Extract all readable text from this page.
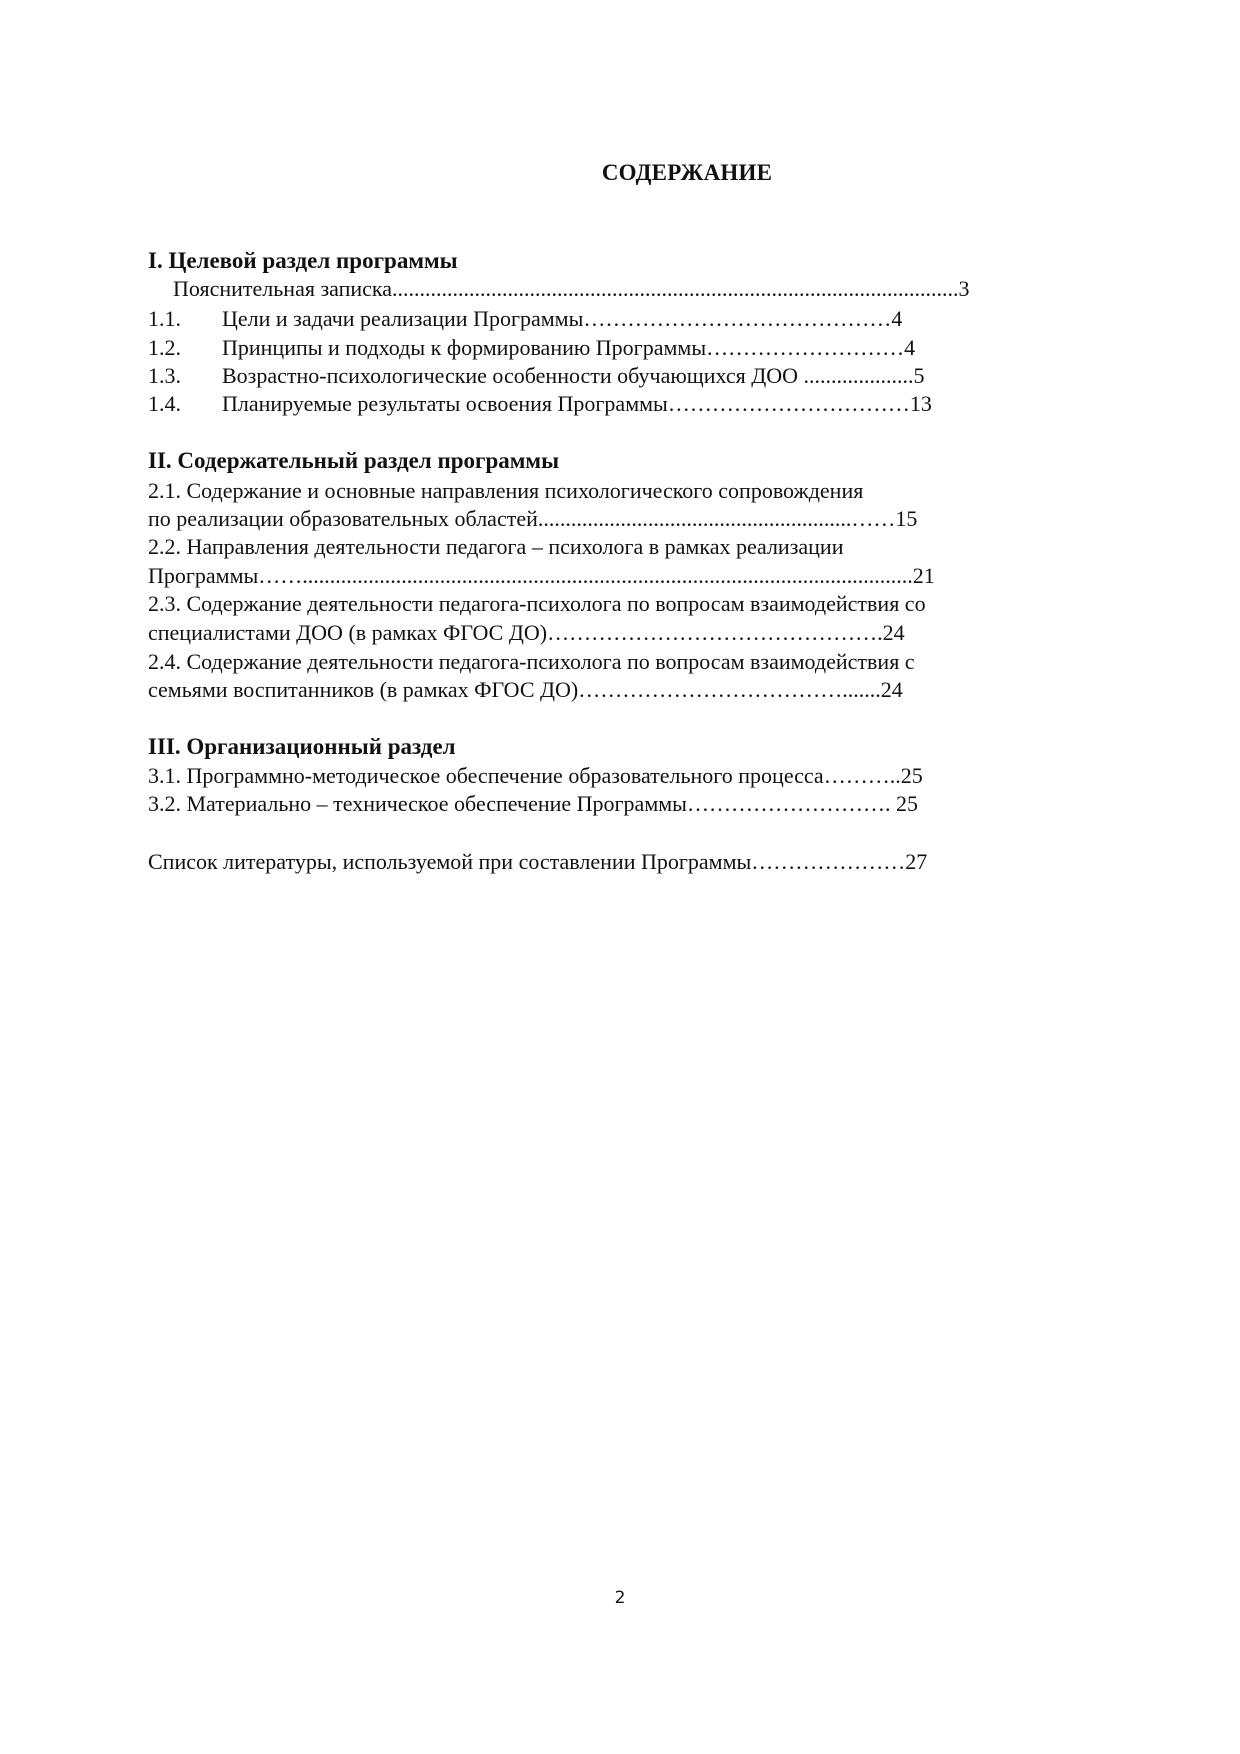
СОДЕРЖАНИЕ
I. Целевой раздел программы
Пояснительная записка.......................................................................................................3
1.1. Цели и задачи реализации Программы……………………………………4
1.2. Принципы и подходы к формированию Программы………………………4
1.3. Возрастно-психологические особенности обучающихся ДОО ....................5
1.4. Планируемые результаты освоения Программы……………………………13
II. Содержательный раздел программы
2.1. Содержание и основные направления психологического сопровождения
по реализации образовательных областей.........................................................……15
2.2. Направления деятельности педагога – психолога в рамках реализации
Программы……...............................................................................................................21
2.3. Содержание деятельности педагога-психолога по вопросам взаимодействия со
специалистами ДОО (в рамках ФГОС ДО)……………………………………….24
2.4. Содержание деятельности педагога-психолога по вопросам взаимодействия с
семьями воспитанников (в рамках ФГОС ДО)……………………………….......24
III. Организационный раздел
3.1. Программно-методическое обеспечение образовательного процесса………..25
3.2. Материально – техническое обеспечение Программы………………………. 25
Список литературы, используемой при составлении Программы…………………27
2
